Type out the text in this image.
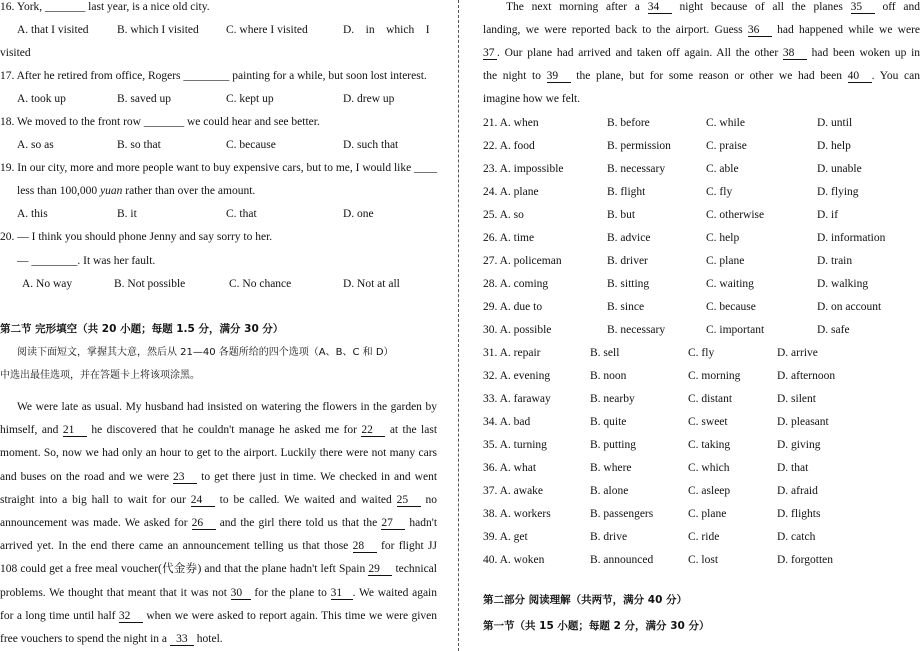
16. York, _______ last year, is a nice old city.
A. that I visited B. which I visited C. where I visited	D.    in    which    I
visited
17. After he retired from office, Rogers ________ painting for a while, but soon lost interest.
A. took up	B. saved up	C. kept up	D. drew up
18. We moved to the front row _______ we could hear and see better.
A. so as	B. so that	C. because	D. such that
19. In our city, more and more people want to buy expensive cars, but to me, I would like ____
less than 100,000 yuan rather than over the amount.
A. this	B. it	C. that	D. one
20. — I think you should phone Jenny and say sorry to her.
— ________. It was her fault.
A. No way	B. Not possible	C. No chance	D. Not at all
第二节 完形填空（共 20 小题；每题 1.5 分，满分 30 分）
阅读下面短文，掌握其大意，然后从 21—40 各题所给的四个选项（A、B、C 和 D）
中选出最佳选项，并在答题卡上将该项涂黑。
We were late as usual. My husband had insisted on watering the flowers in the garden by
himself, and 21 he discovered that he couldn't manage he asked me for 22 at the last
moment. So, now we had only an hour to get to the airport. Luckily there were not many cars
and buses on the road and we were 23 to get there just in time. We checked in and went
straight into a big hall to wait for our 24 to be called. We waited and waited 25 no
announcement was made. We asked for 26 and the girl there told us that the 27 hadn't
arrived yet. In the end there came an announcement telling us that those 28 for flight JJ
108 could get a free meal voucher(代金券) and that the plane hadn't left Spain 29 technical
problems. We thought that meant that it was not 30 for the plane to 31 . We waited again
for a long time until half 32 when we were asked to report again. This time we were given
free vouchers to spend the night in a 33 hotel.
The next morning after a 34 night because of all the planes 35 off and
landing, we were reported back to the airport. Guess 36 had happened while we were
37 . Our plane had arrived and taken off again. All the other 38 had been woken up in
the night to 39 the plane, but for some reason or other we had been 40 . You can
imagine how we felt.
21. A. when	B. before	C. while	D. until
22. A. food	B. permission	C. praise	D. help
23. A. impossible	B. necessary	C. able	D. unable
24. A. plane	B. flight	C. fly	D. flying
25. A. so	B. but	C. otherwise	D. if
26. A. time	B. advice	C. help	D. information
27. A. policeman	B. driver	C. plane	D. train
28. A. coming	B. sitting	C. waiting	D. walking
29. A. due to	B. since	C. because	D. on account
30. A. possible	B. necessary	C. important	D. safe
31. A. repair	B. sell	C. fly	D. arrive
32. A. evening	B. noon	C. morning	D. afternoon
33. A. faraway	B. nearby	C. distant	D. silent
34. A. bad	B. quite	C. sweet	D. pleasant
35. A. turning	B. putting	C. taking	D. giving
36. A. what	B. where	C. which	D. that
37. A. awake	B. alone	C. asleep	D. afraid
38. A. workers	B. passengers	C. plane	D. flights
39. A. get	B. drive	C. ride	D. catch
40. A. woken	B. announced	C. lost	D. forgotten
第二部分 阅读理解（共两节，满分 40 分）
第一节（共 15 小题；每题 2 分，满分 30 分）
